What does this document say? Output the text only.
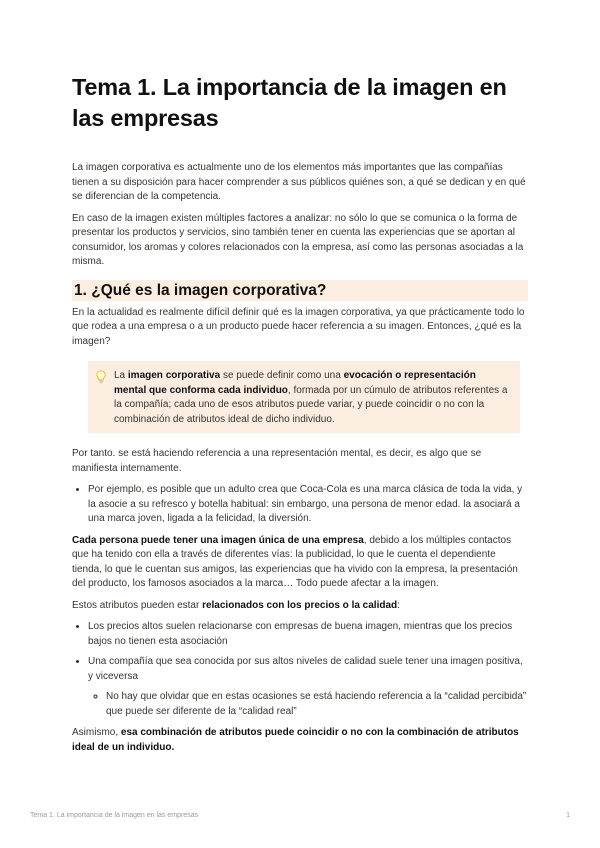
Tema 1. La importancia de la imagen en las empresas

La imagen corporativa es actualmente uno de los elementos más importantes que las compañías tienen a su disposición para hacer comprender a sus públicos quiénes son, a qué se dedican y en qué se diferencian de la competencia.

En caso de la imagen existen múltiples factores a analizar: no sólo lo que se comunica o la forma de presentar los productos y servicios, sino también tener en cuenta las experiencias que se aportan al consumidor, los aromas y colores relacionados con la empresa, así como las personas asociadas a la misma.

1. ¿Qué es la imagen corporativa?

En la actualidad es realmente difícil definir qué es la imagen corporativa, ya que prácticamente todo lo que rodea a una empresa o a un producto puede hacer referencia a su imagen. Entonces, ¿qué es la imagen?

La imagen corporativa se puede definir como una evocación o representación mental que conforma cada individuo, formada por un cúmulo de atributos referentes a la compañía; cada uno de esos atributos puede variar, y puede coincidir o no con la combinación de atributos ideal de dicho individuo.

Por tanto. se está haciendo referencia a una representación mental, es decir, es algo que se manifiesta internamente.

• Por ejemplo, es posible que un adulto crea que Coca-Cola es una marca clásica de toda la vida, y la asocie a su refresco y botella habitual: sin embargo, una persona de menor edad. la asociará a una marca joven, ligada a la felicidad, la diversión.

Cada persona puede tener una imagen única de una empresa, debido a los múltiples contactos que ha tenido con ella a través de diferentes vías: la publicidad, lo que le cuenta el dependiente tienda, lo que le cuentan sus amigos, las experiencias que ha vivido con la empresa, la presentación del producto, los famosos asociados a la marca… Todo puede afectar a la imagen.

Estos atributos pueden estar relacionados con los precios o la calidad:

• Los precios altos suelen relacionarse con empresas de buena imagen, mientras que los precios bajos no tienen esta asociación
• Una compañía que sea conocida por sus altos niveles de calidad suele tener una imagen positiva, y viceversa
◦ No hay que olvidar que en estas ocasiones se está haciendo referencia a la “calidad percibida” que puede ser diferente de la “calidad real”

Asimismo, esa combinación de atributos puede coincidir o no con la combinación de atributos ideal de un individuo.

Tema 1. La importancia de la imagen en las empresas	1
